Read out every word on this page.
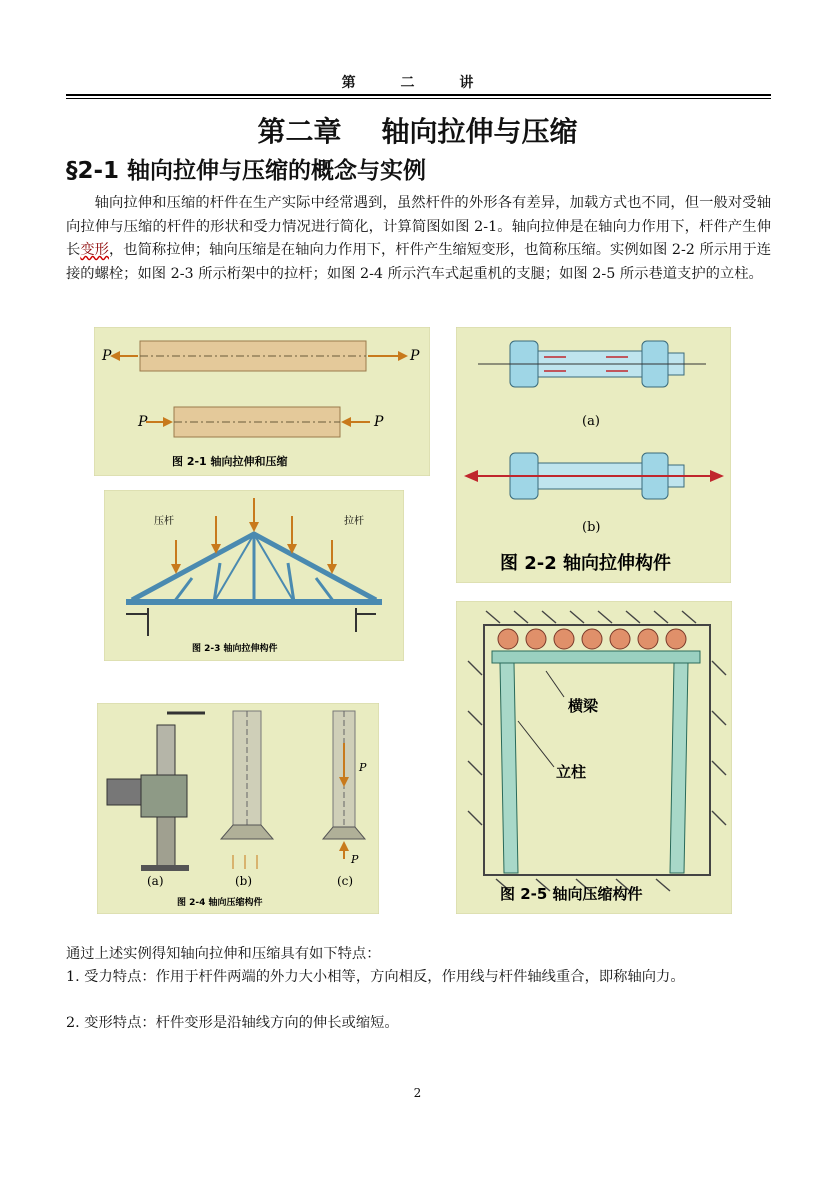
第 二 讲
第二章 轴向拉伸与压缩
§2-1 轴向拉伸与压缩的概念与实例
轴向拉伸和压缩的杆件在生产实际中经常遇到，虽然杆件的外形各有差异，加载方式也不同，但一般对受轴向拉伸与压缩的杆件的形状和受力情况进行简化，计算简图如图 2-1。轴向拉伸是在轴向力作用下，杆件产生伸长变形，也简称拉伸；轴向压缩是在轴向力作用下，杆件产生缩短变形，也简称压缩。实例如图 2-2 所示用于连接的螺栓；如图 2-3 所示桁架中的拉杆；如图 2-4 所示汽车式起重机的支腿；如图 2-5 所示巷道支护的立柱。
P	P
P	P
图 2-1 轴向拉伸和压缩
(a)
(b)
图 2-2 轴向拉伸构件
压杆	拉杆
图 2-3 轴向拉伸构件
(a)	(b)
P
P
(c)
图 2-4 轴向压缩构件
横梁
立柱
图 2-5 轴向压缩构件
通过上述实例得知轴向拉伸和压缩具有如下特点：
1. 受力特点：作用于杆件两端的外力大小相等，方向相反，作用线与杆件轴线重合，即称轴向力。
2. 变形特点：杆件变形是沿轴线方向的伸长或缩短。
2
